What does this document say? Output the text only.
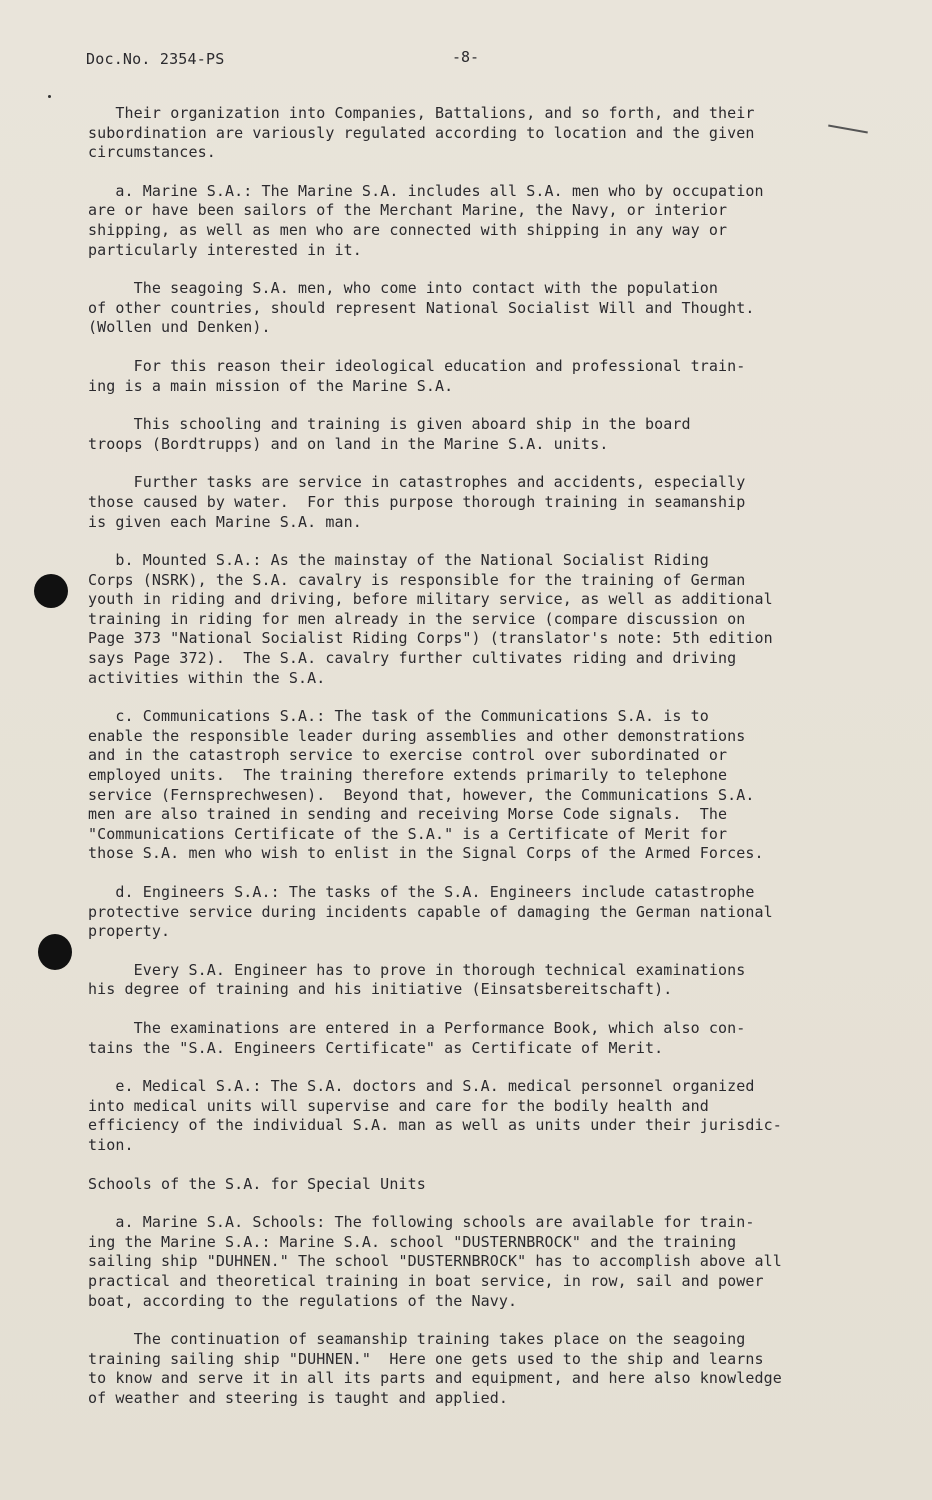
Doc.No. 2354-PS	-8-

Their organization into Companies, Battalions, and so forth, and their
subordination are variously regulated according to location and the given
circumstances.

a. Marine S.A.: The Marine S.A. includes all S.A. men who by occupation
are or have been sailors of the Merchant Marine, the Navy, or interior
shipping, as well as men who are connected with shipping in any way or
particularly interested in it.

The seagoing S.A. men, who come into contact with the population
of other countries, should represent National Socialist Will and Thought.
(Wollen und Denken).

For this reason their ideological education and professional train-
ing is a main mission of the Marine S.A.

This schooling and training is given aboard ship in the board
troops (Bordtrupps) and on land in the Marine S.A. units.

Further tasks are service in catastrophes and accidents, especially
those caused by water.  For this purpose thorough training in seamanship
is given each Marine S.A. man.

b. Mounted S.A.: As the mainstay of the National Socialist Riding
Corps (NSRK), the S.A. cavalry is responsible for the training of German
youth in riding and driving, before military service, as well as additional
training in riding for men already in the service (compare discussion on
Page 373 "National Socialist Riding Corps") (translator's note: 5th edition
says Page 372).  The S.A. cavalry further cultivates riding and driving
activities within the S.A.

c. Communications S.A.: The task of the Communications S.A. is to
enable the responsible leader during assemblies and other demonstrations
and in the catastroph service to exercise control over subordinated or
employed units.  The training therefore extends primarily to telephone
service (Fernsprechwesen).  Beyond that, however, the Communications S.A.
men are also trained in sending and receiving Morse Code signals.  The
"Communications Certificate of the S.A." is a Certificate of Merit for
those S.A. men who wish to enlist in the Signal Corps of the Armed Forces.

d. Engineers S.A.: The tasks of the S.A. Engineers include catastrophe
protective service during incidents capable of damaging the German national
property.

Every S.A. Engineer has to prove in thorough technical examinations
his degree of training and his initiative (Einsatsbereitschaft).

The examinations are entered in a Performance Book, which also con-
tains the "S.A. Engineers Certificate" as Certificate of Merit.

e. Medical S.A.: The S.A. doctors and S.A. medical personnel organized
into medical units will supervise and care for the bodily health and
efficiency of the individual S.A. man as well as units under their jurisdic-
tion.

Schools of the S.A. for Special Units

a. Marine S.A. Schools: The following schools are available for train-
ing the Marine S.A.: Marine S.A. school "DUSTERNBROCK" and the training
sailing ship "DUHNEN." The school "DUSTERNBROCK" has to accomplish above all
practical and theoretical training in boat service, in row, sail and power
boat, according to the regulations of the Navy.

The continuation of seamanship training takes place on the seagoing
training sailing ship "DUHNEN."  Here one gets used to the ship and learns
to know and serve it in all its parts and equipment, and here also knowledge
of weather and steering is taught and applied.
